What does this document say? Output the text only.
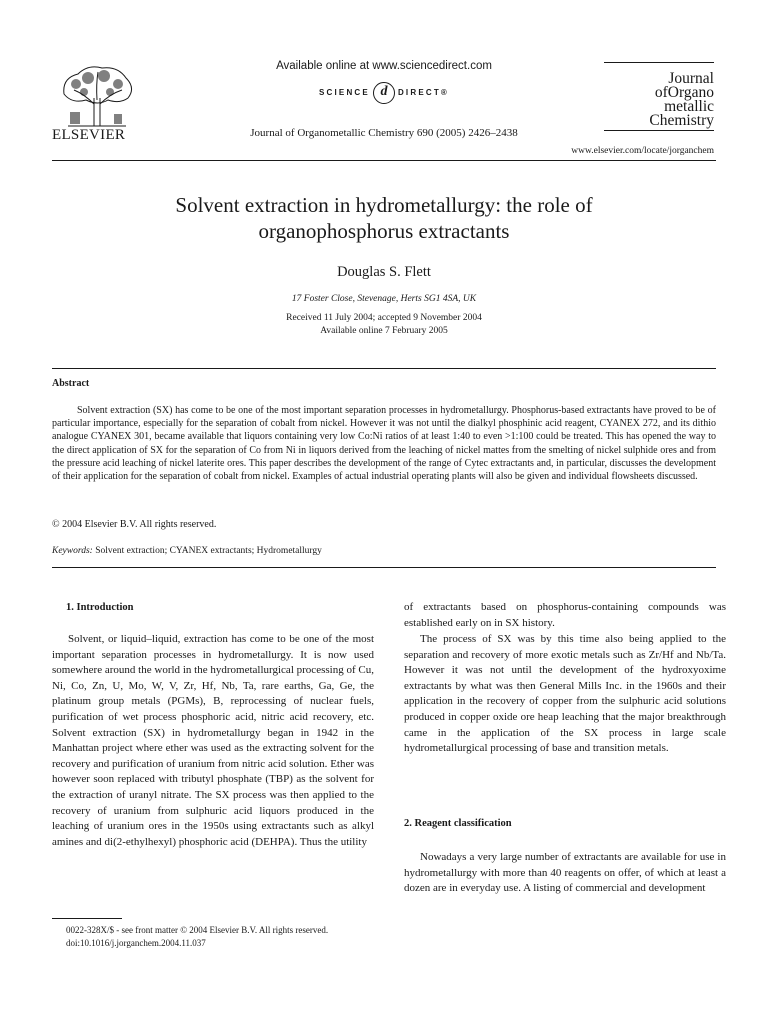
ELSEVIER
Available online at www.sciencedirect.com
SCIENCE d DIRECT®
Journal of Organometallic Chemistry 690 (2005) 2426–2438
Journal
ofOrgano
metallic
Chemistry
www.elsevier.com/locate/jorganchem
Solvent extraction in hydrometallurgy: the role of
organophosphorus extractants
Douglas S. Flett
17 Foster Close, Stevenage, Herts SG1 4SA, UK
Received 11 July 2004; accepted 9 November 2004
Available online 7 February 2005
Abstract

Solvent extraction (SX) has come to be one of the most important separation processes in hydrometallurgy. Phosphorus-based extractants have proved to be of particular importance, especially for the separation of cobalt from nickel. However it was not until the dialkyl phosphinic acid reagent, CYANEX 272, and its dithio analogue CYANEX 301, became available that liquors containing very low Co:Ni ratios of at least 1:40 to even >1:100 could be treated. This has opened the way to the direct application of SX for the separation of Co from Ni in liquors derived from the leaching of nickel mattes from the smelting of nickel sulphide ores and from the pressure acid leaching of nickel laterite ores. This paper describes the development of the range of Cytec extractants and, in particular, discusses the development of their application for the separation of cobalt from nickel. Examples of actual industrial operating plants will also be given and individual flowsheets discussed.

© 2004 Elsevier B.V. All rights reserved.
Keywords: Solvent extraction; CYANEX extractants; Hydrometallurgy
1. Introduction

Solvent, or liquid–liquid, extraction has come to be one of the most important separation processes in hydrometallurgy. It is now used somewhere around the world in the hydrometallurgical processing of Cu, Ni, Co, Zn, U, Mo, W, V, Zr, Hf, Nb, Ta, rare earths, Ga, Ge, the platinum group metals (PGMs), B, reprocessing of nuclear fuels, purification of wet process phosphoric acid, nitric acid recovery, etc. Solvent extraction (SX) in hydrometallurgy began in 1942 in the Manhattan project where ether was used as the extracting solvent for the recovery and purification of uranium from nitric acid solution. Ether was however soon replaced with tributyl phosphate (TBP) as the solvent for the extraction of uranyl nitrate. The SX process was then applied to the recovery of uranium from sulphuric acid liquors produced in the leaching of uranium ores in the 1950s using extractants such as alkyl amines and di(2-ethylhexyl) phosphoric acid (DEHPA). Thus the utility

of extractants based on phosphorus-containing compounds was established early on in SX history.

The process of SX was by this time also being applied to the separation and recovery of more exotic metals such as Zr/Hf and Nb/Ta. However it was not until the development of the hydroxyoxime extractants by what was then General Mills Inc. in the 1960s and their application in the recovery of copper from the sulphuric acid solutions produced in copper oxide ore heap leaching that the major breakthrough came in the application of the SX process in large scale hydrometallurgical processing of base and transition metals.

2. Reagent classification

Nowadays a very large number of extractants are available for use in hydrometallurgy with more than 40 reagents on offer, of which at least a dozen are in everyday use. A listing of commercial and development

0022-328X/$ - see front matter © 2004 Elsevier B.V. All rights reserved.
doi:10.1016/j.jorganchem.2004.11.037
